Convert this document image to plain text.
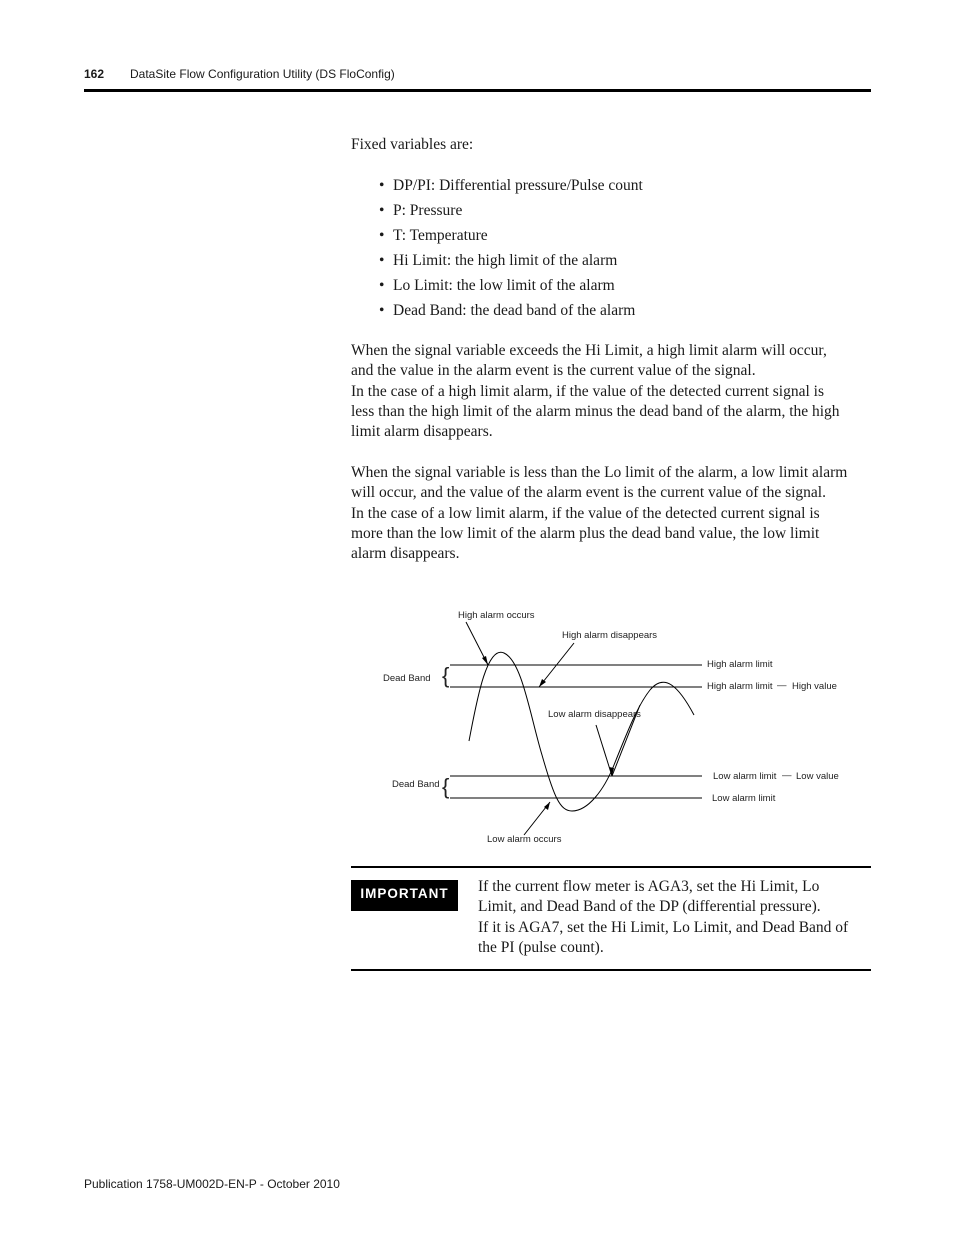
162 DataSite Flow Configuration Utility (DS FloConfig)

Fixed variables are:

• DP/PI: Differential pressure/Pulse count
• P: Pressure
• T: Temperature
• Hi Limit: the high limit of the alarm
• Lo Limit: the low limit of the alarm
• Dead Band: the dead band of the alarm
When the signal variable exceeds the Hi Limit, a high limit alarm will occur,
and the value in the alarm event is the current value of the signal.
In the case of a high limit alarm, if the value of the detected current signal is
less than the high limit of the alarm minus the dead band of the alarm, the high
limit alarm disappears.
When the signal variable is less than the Lo limit of the alarm, a low limit alarm
will occur, and the value of the alarm event is the current value of the signal.
In the case of a low limit alarm, if the value of the detected current signal is
more than the low limit of the alarm plus the dead band value, the low limit
alarm disappears.
{
{
High alarm occurs
High alarm disappears
Dead Band
High alarm limit
High alarm limit — High value
Low alarm disappears
Dead Band
Low alarm limit — Low value
Low alarm limit
Low alarm occurs
IMPORTANT	If the current flow meter is AGA3, set the Hi Limit, Lo
Limit, and Dead Band of the DP (differential pressure).
If it is AGA7, set the Hi Limit, Lo Limit, and Dead Band of
the PI (pulse count).
Publication 1758-UM002D-EN-P - October 2010
